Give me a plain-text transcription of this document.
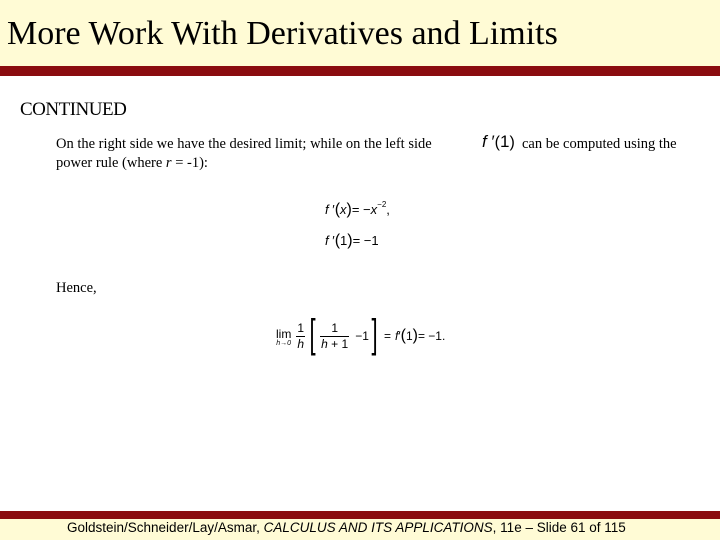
More Work With Derivatives and Limits
CONTINUED
On the right side we have the desired limit; while on the left side	f ′(1) can be computed using the
power rule (where r = -1):
f $'(x)= -x^{-2}$,
f ′(1)= −1
Hence,
lim
$h\to 0 \frac{1}{h}$ [ $\frac{1}{h + 1} -1$ ] = f ′ ( 1 ) = −1.
Goldstein/Schneider/Lay/Asmar, CALCULUS AND ITS APPLICATIONS, 11e – Slide 61 of 115
